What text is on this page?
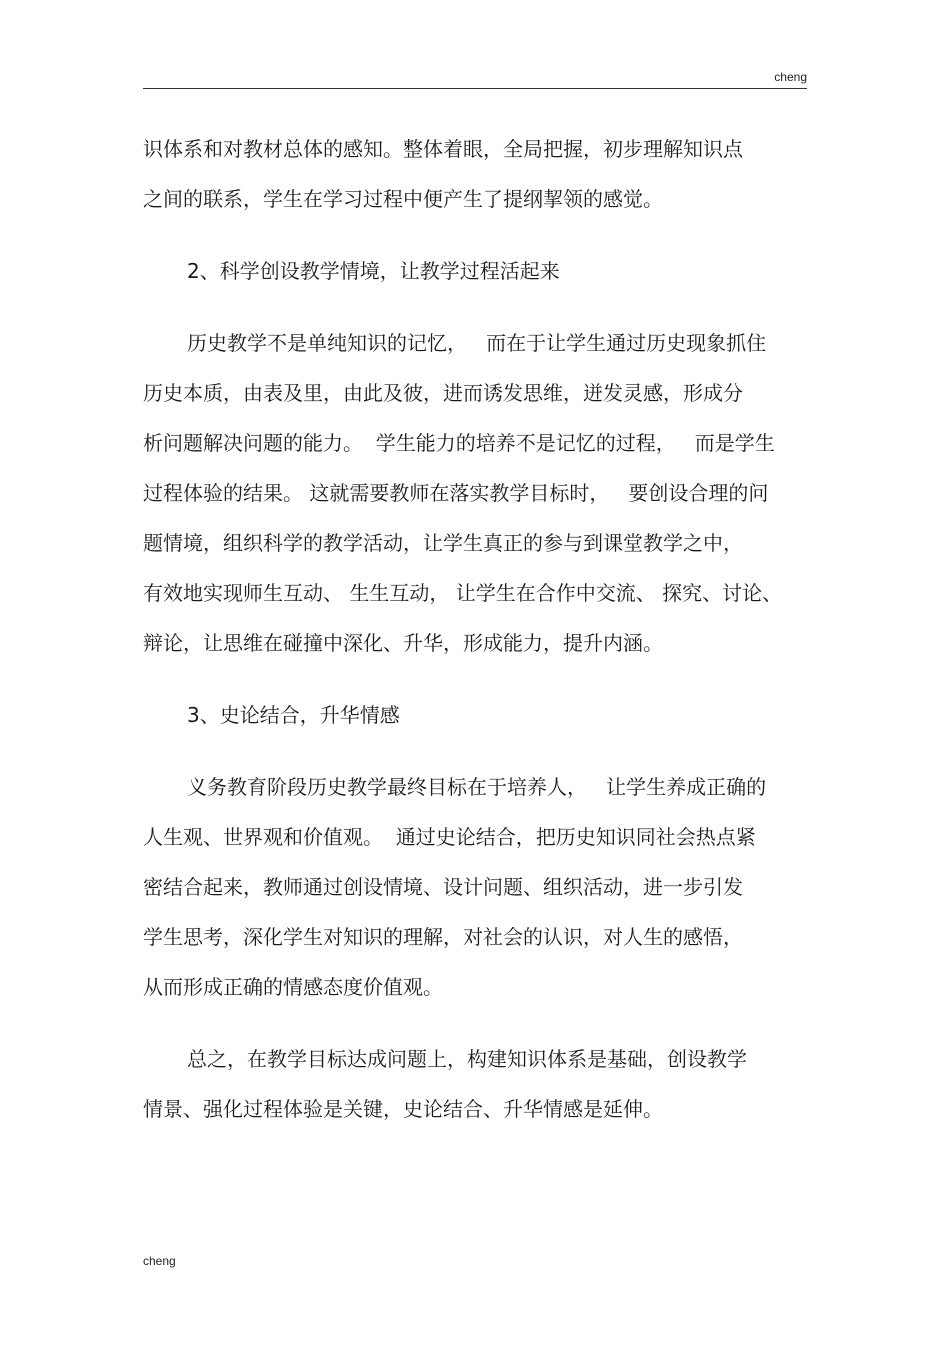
cheng
识体系和对教材总体的感知。整体着眼，全局把握，初步理解知识点
之间的联系，学生在学习过程中便产生了提纲挈领的感觉。
2、科学创设教学情境，让教学过程活起来
历史教学不是单纯知识的记忆，   而在于让学生通过历史现象抓住
历史本质，由表及里，由此及彼，进而诱发思维，迸发灵感，形成分
析问题解决问题的能力。  学生能力的培养不是记忆的过程，   而是学生
过程体验的结果。 这就需要教师在落实教学目标时，   要创设合理的问
题情境，组织科学的教学活动，让学生真正的参与到课堂教学之中，
有效地实现师生互动、 生生互动， 让学生在合作中交流、 探究、讨论、
辩论，让思维在碰撞中深化、升华，形成能力，提升内涵。
3、史论结合，升华情感
义务教育阶段历史教学最终目标在于培养人，   让学生养成正确的
人生观、世界观和价值观。  通过史论结合，把历史知识同社会热点紧
密结合起来，教师通过创设情境、设计问题、组织活动，进一步引发
学生思考，深化学生对知识的理解，对社会的认识，对人生的感悟，
从而形成正确的情感态度价值观。
总之，在教学目标达成问题上，构建知识体系是基础，创设教学
情景、强化过程体验是关键，史论结合、升华情感是延伸。
cheng
